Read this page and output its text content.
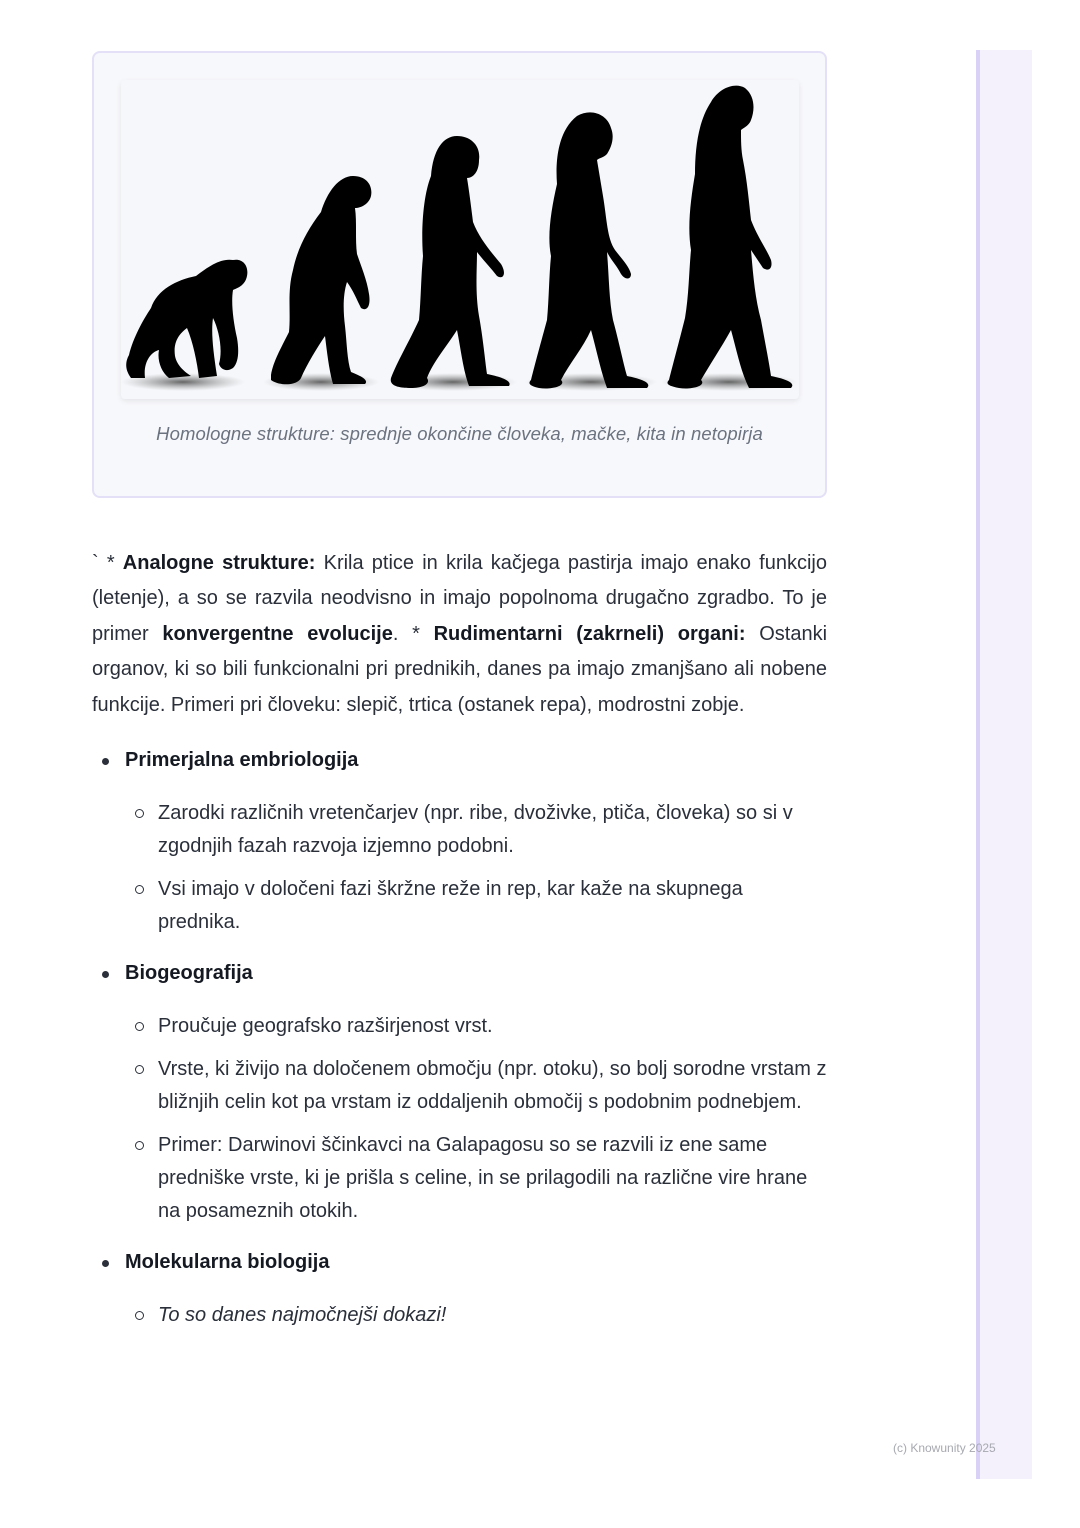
Homologne strukture: sprednje okončine človeka, mačke, kita in netopirja

` * Analogne strukture: Krila ptice in krila kačjega pastirja imajo enako funkcijo (letenje), a so se razvila neodvisno in imajo popolnoma drugačno zgradbo. To je primer konvergentne evolucije. * Rudimentarni (zakrneli) organi: Ostanki organov, ki so bili funkcionalni pri prednikih, danes pa imajo zmanjšano ali nobene funkcije. Primeri pri človeku: slepič, trtica (ostanek repa), modrostni zobje.

Primerjalna embriologija
Zarodki različnih vretenčarjev (npr. ribe, dvoživke, ptiča, človeka) so si v zgodnjih fazah razvoja izjemno podobni.
Vsi imajo v določeni fazi škržne reže in rep, kar kaže na skupnega prednika.
Biogeografija
Proučuje geografsko razširjenost vrst.
Vrste, ki živijo na določenem območju (npr. otoku), so bolj sorodne vrstam z bližnjih celin kot pa vrstam iz oddaljenih območij s podobnim podnebjem.
Primer: Darwinovi ščinkavci na Galapagosu so se razvili iz ene same predniške vrste, ki je prišla s celine, in se prilagodili na različne vire hrane na posameznih otokih.
Molekularna biologija
To so danes najmočnejši dokazi!
(c) Knowunity 2025
